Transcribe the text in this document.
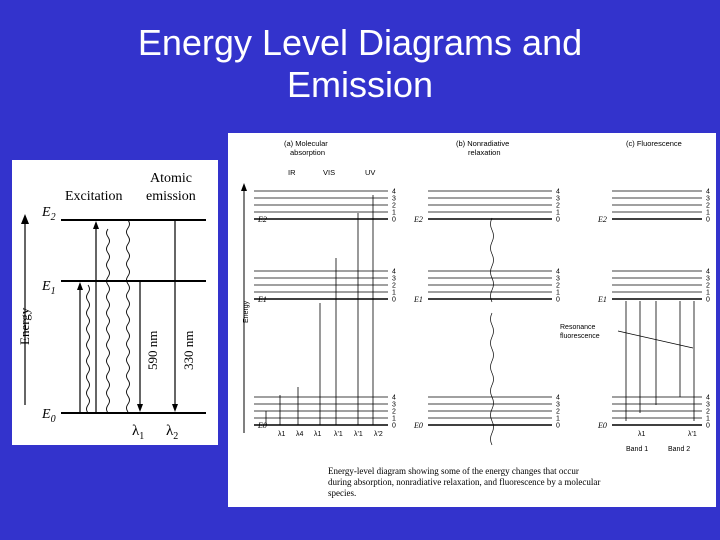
Energy Level Diagrams and
Emission
Atomic
emission
Excitation
Energy
$E_2$
$E_1$
$E_0$
590 nm 330 nm
$\lambda_1$ $\lambda_2$
(a) Molecular
absorption
(b) Nonradiative
relaxation
(c) Fluorescence
IR	VIS	UV
Energy
0
1
2
3
4
E2
0
1
2
3
4
E1
0
1
2
3
4
E0
0
1
2
3
4
E2
0
1
2
3
4
E1
0
1
2
3
4
E0
0
1
2
3
4
E2
0
1
2
3
4
E1
0
1
2
3
4
E0
Resonance
fluorescence
λ1 λ4 λ1 λ'1 λ'1 λ'2	λ1	λ'1
Band 1	Band 2
Energy-level diagram showing some of the energy changes that occur
during absorption, nonradiative relaxation, and fluorescence by a molecular
species.	54
